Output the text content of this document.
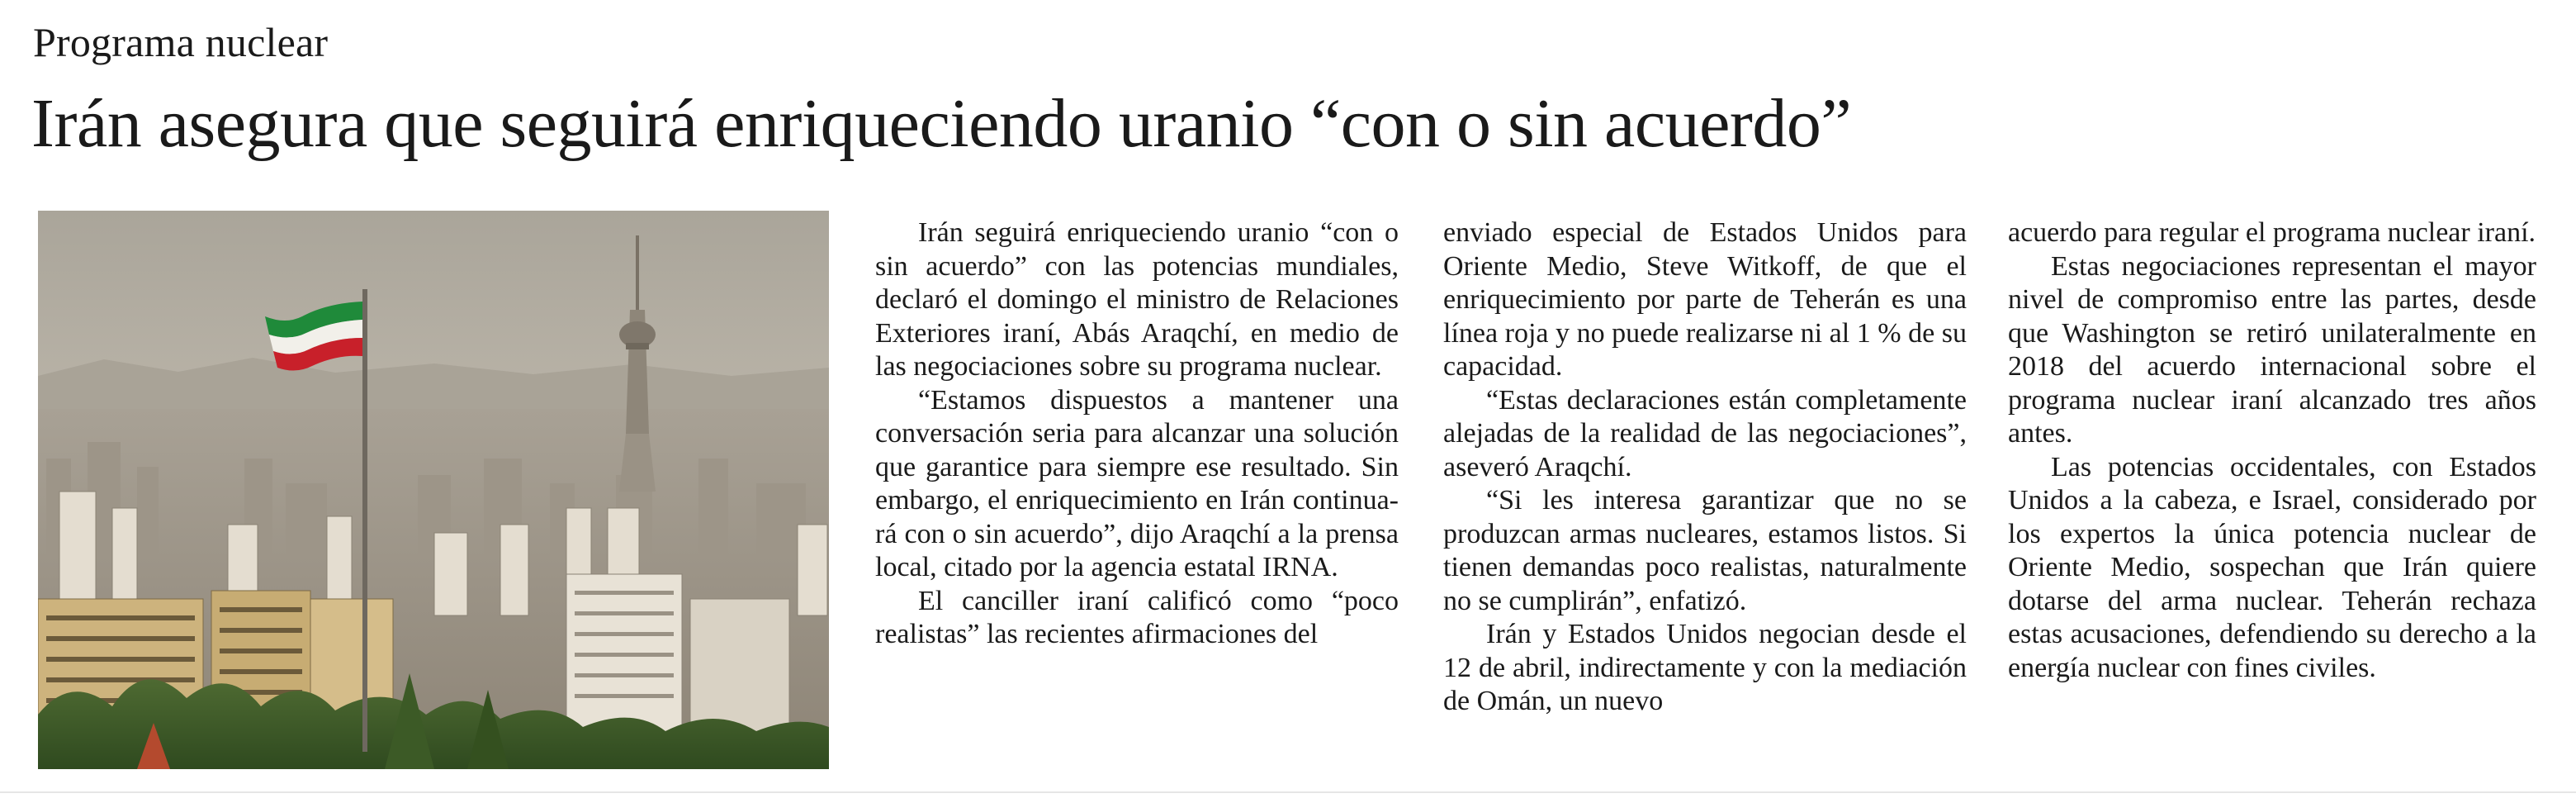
Programa nuclear
Irán asegura que seguirá enriqueciendo uranio “con o sin acuerdo”

Irán seguirá enriqueciendo uranio “con o sin acuerdo” con las potencias mundiales, declaró el domingo el ministro de Relaciones Exteriores iraní, Abás Araqchí, en medio de las negociaciones sobre su programa nuclear.

“Estamos dispuestos a mantener una conversación seria para alcanzar una solución que garantice para siempre ese resultado. Sin embargo, el enriquecimiento en Irán continuará con o sin acuerdo”, dijo Araqchí a la prensa local, citado por la agencia estatal IRNA.

El canciller iraní calificó como “poco realistas” las recientes afirmaciones del

enviado especial de Estados Unidos para Oriente Medio, Steve Witkoff, de que el enriquecimiento por parte de Teherán es una línea roja y no puede realizarse ni al 1 % de su capacidad.

“Estas declaraciones están completamente alejadas de la realidad de las negociaciones”, aseveró Araqchí.

“Si les interesa garantizar que no se produzcan armas nucleares, estamos listos. Si tienen demandas poco realistas, naturalmente no se cumplirán”, enfatizó.

Irán y Estados Unidos negocian desde el 12 de abril, indirectamente y con la mediación de Omán, un nuevo

acuerdo para regular el programa nuclear iraní.

Estas negociaciones representan el mayor nivel de compromiso entre las partes, desde que Washington se retiró unilateralmente en 2018 del acuerdo internacional sobre el programa nuclear iraní alcanzado tres años antes.

Las potencias occidentales, con Estados Unidos a la cabeza, e Israel, considerado por los expertos la única potencia nuclear de Oriente Medio, sospechan que Irán quiere dotarse del arma nuclear. Teherán rechaza estas acusaciones, defendiendo su derecho a la energía nuclear con fines civiles.
